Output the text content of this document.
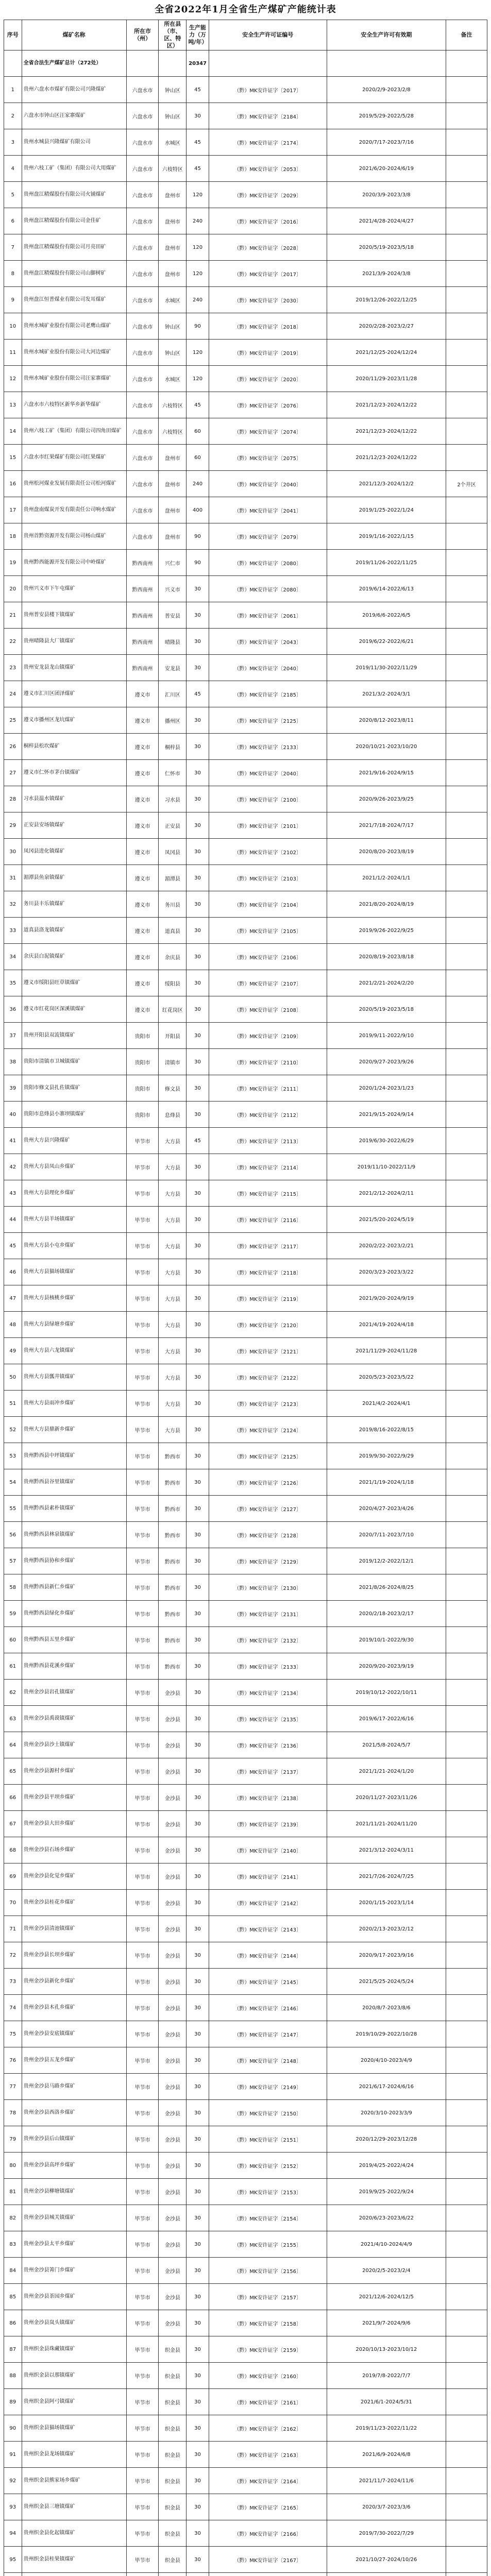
全省2022年1月全省生产煤矿产能统计表
序号	煤矿名称	所在市（州）	所在县（市、区、特区）	生产能力（万吨/年）	安全生产许可证编号	安全生产许可有效期	备注
	全省合法生产煤矿总计（272处）			20347			
1	贵州六盘水市煤矿有限公司兴隆煤矿	六盘水市	钟山区	45	（黔）MK安许证字〔2017〕	2020/2/9-2023/2/8	
2	六盘水市钟山区汪家寨煤矿	六盘水市	钟山区	30	（黔）MK安许证字〔2184〕	2019/5/29-2022/5/28	
3	贵州水城县兴隆煤矿有限公司	六盘水市	水城区	45	（黔）MK安许证字〔2174〕	2020/7/17-2023/7/16	
4	贵州六枝工矿（集团）有限公司大用煤矿	六盘水市	六枝特区	45	（黔）MK安许证字〔2053〕	2021/6/20-2024/6/19	
5	贵州盘江精煤股份有限公司火铺煤矿	六盘水市	盘州市	120	（黔）MK安许证字〔2029〕	2020/3/9-2023/3/8	
6	贵州盘江精煤股份有限公司金佳矿	六盘水市	盘州市	240	（黔）MK安许证字〔2016〕	2021/4/28-2024/4/27	
7	贵州盘江精煤股份有限公司月亮田矿	六盘水市	盘州市	120	（黔）MK安许证字〔2028〕	2020/5/19-2023/5/18	
8	贵州盘江精煤股份有限公司山脚树矿	六盘水市	盘州市	120	（黔）MK安许证字〔2017〕	2021/3/9-2024/3/8	
9	贵州盘江恒普煤业有限公司发耳煤矿	六盘水市	水城区	240	（黔）MK安许证字〔2030〕	2019/12/26-2022/12/25	
10	贵州水城矿业股份有限公司老鹰山煤矿	六盘水市	钟山区	90	（黔）MK安许证字〔2018〕	2020/2/28-2023/2/27	
11	贵州水城矿业股份有限公司大河边煤矿	六盘水市	钟山区	120	（黔）MK安许证字〔2019〕	2021/12/25-2024/12/24	
12	贵州水城矿业股份有限公司汪家寨煤矿	六盘水市	水城区	120	（黔）MK安许证字〔2020〕	2020/11/29-2023/11/28	
13	六盘水市六枝特区新华乡新华煤矿	六盘水市	六枝特区	45	（黔）MK安许证字〔2076〕	2021/12/23-2024/12/22	
14	贵州六枝工矿（集团）有限公司四角田煤矿	六盘水市	六枝特区	60	（黔）MK安许证字〔2074〕	2021/12/23-2024/12/22	
15	六盘水市红果煤矿有限公司红果煤矿	六盘水市	盘州市	60	（黔）MK安许证字〔2075〕	2021/12/23-2024/12/22	
16	贵州松河煤业发展有限责任公司松河煤矿	六盘水市	盘州市	240	（黔）MK安许证字〔2040〕	2021/12/3-2024/12/2	2个井区
17	贵州盘南煤炭开发有限责任公司响水煤矿	六盘水市	盘州市	400	（黔）MK安许证字〔2041〕	2019/1/25-2022/1/24	
18	贵州首黔资源开发有限公司杨山煤矿	六盘水市	盘州市	90	（黔）MK安许证字〔2079〕	2019/1/16-2022/1/15	
19	贵州黔西能源开发有限公司中岭煤矿	黔西南州	兴仁市	90	（黔）MK安许证字〔2080〕	2019/11/26-2022/11/25	
20	贵州兴义市下午屯煤矿	黔西南州	兴义市	30	（黔）MK安许证字〔2080〕	2019/6/14-2022/6/13	
21	贵州普安县楼下镇煤矿	黔西南州	普安县	30	（黔）MK安许证字〔2061〕	2019/6/6-2022/6/5	
22	贵州晴隆县大厂镇煤矿	黔西南州	晴隆县	30	（黔）MK安许证字〔2043〕	2019/6/22-2022/6/21	
23	贵州安龙县龙山镇煤矿	黔西南州	安龙县	30	（黔）MK安许证字〔2040〕	2019/11/30-2022/11/29	
24	遵义市汇川区团泽煤矿	遵义市	汇川区	45	（黔）MK安许证字〔2185〕	2021/3/2-2024/3/1	
25	遵义市播州区龙坑煤矿	遵义市	播州区	30	（黔）MK安许证字〔2125〕	2020/8/12-2023/8/11	
26	桐梓县松坎煤矿	遵义市	桐梓县	30	（黔）MK安许证字〔2133〕	2020/10/21-2023/10/20	
27	遵义市仁怀市茅台镇煤矿	遵义市	仁怀市	30	（黔）MK安许证字〔2040〕	2021/9/16-2024/9/15	
28	习水县温水镇煤矿	遵义市	习水县	30	（黔）MK安许证字〔2100〕	2020/9/26-2023/9/25	
29	正安县安场镇煤矿	遵义市	正安县	30	（黔）MK安许证字〔2101〕	2021/7/18-2024/7/17	
30	凤冈县进化镇煤矿	遵义市	凤冈县	30	（黔）MK安许证字〔2102〕	2020/8/20-2023/8/19	
31	湄潭县鱼泉镇煤矿	遵义市	湄潭县	30	（黔）MK安许证字〔2103〕	2021/1/2-2024/1/1	
32	务川县丰乐镇煤矿	遵义市	务川县	30	（黔）MK安许证字〔2104〕	2021/8/20-2024/8/19	
33	道真县洛龙镇煤矿	遵义市	道真县	30	（黔）MK安许证字〔2105〕	2019/9/26-2022/9/25	
34	余庆县白泥镇煤矿	遵义市	余庆县	30	（黔）MK安许证字〔2106〕	2020/8/19-2023/8/18	
35	遵义市绥阳县旺草镇煤矿	遵义市	绥阳县	30	（黔）MK安许证字〔2107〕	2021/2/21-2024/2/20	
36	遵义市红花岗区深溪镇煤矿	遵义市	红花岗区	30	（黔）MK安许证字〔2108〕	2020/5/19-2023/5/18	
37	贵州开阳县双流镇煤矿	贵阳市	开阳县	30	（黔）MK安许证字〔2109〕	2019/9/11-2022/9/10	
38	贵阳市清镇市卫城镇煤矿	贵阳市	清镇市	30	（黔）MK安许证字〔2110〕	2020/9/27-2023/9/26	
39	贵阳市修文县扎佐镇煤矿	贵阳市	修文县	30	（黔）MK安许证字〔2111〕	2020/1/24-2023/1/23	
40	贵阳市息烽县小寨坝镇煤矿	贵阳市	息烽县	30	（黔）MK安许证字〔2112〕	2021/9/15-2024/9/14	
41	贵州大方县兴隆煤矿	毕节市	大方县	45	（黔）MK安许证字〔2113〕	2019/6/30-2022/6/29	
42	贵州大方县凤山乡煤矿	毕节市	大方县	30	（黔）MK安许证字〔2114〕	2019/11/10-2022/11/9	
43	贵州大方县理化乡煤矿	毕节市	大方县	30	（黔）MK安许证字〔2115〕	2021/2/12-2024/2/11	
44	贵州大方县羊场镇煤矿	毕节市	大方县	30	（黔）MK安许证字〔2116〕	2021/5/20-2024/5/19	
45	贵州大方县小屯乡煤矿	毕节市	大方县	30	（黔）MK安许证字〔2117〕	2020/2/22-2023/2/21	
46	贵州大方县猫场镇煤矿	毕节市	大方县	30	（黔）MK安许证字〔2118〕	2020/3/23-2023/3/22	
47	贵州大方县核桃乡煤矿	毕节市	大方县	30	（黔）MK安许证字〔2119〕	2021/9/20-2024/9/19	
48	贵州大方县绿塘乡煤矿	毕节市	大方县	30	（黔）MK安许证字〔2120〕	2021/4/19-2024/4/18	
49	贵州大方县六龙镇煤矿	毕节市	大方县	30	（黔）MK安许证字〔2121〕	2021/11/29-2024/11/28	
50	贵州大方县瓢井镇煤矿	毕节市	大方县	30	（黔）MK安许证字〔2122〕	2020/5/23-2023/5/22	
51	贵州大方县雨冲乡煤矿	毕节市	大方县	30	（黔）MK安许证字〔2123〕	2021/4/2-2024/4/1	
52	贵州大方县鼎新乡煤矿	毕节市	大方县	30	（黔）MK安许证字〔2124〕	2019/8/16-2022/8/15	
53	贵州黔西县中坪镇煤矿	毕节市	黔西市	30	（黔）MK安许证字〔2125〕	2019/9/30-2022/9/29	
54	贵州黔西县谷里镇煤矿	毕节市	黔西市	30	（黔）MK安许证字〔2126〕	2021/1/19-2024/1/18	
55	贵州黔西县素朴镇煤矿	毕节市	黔西市	30	（黔）MK安许证字〔2127〕	2020/4/27-2023/4/26	
56	贵州黔西县林泉镇煤矿	毕节市	黔西市	30	（黔）MK安许证字〔2128〕	2020/7/11-2023/7/10	
57	贵州黔西县协和乡煤矿	毕节市	黔西市	30	（黔）MK安许证字〔2129〕	2019/12/2-2022/12/1	
58	贵州黔西县新仁乡煤矿	毕节市	黔西市	30	（黔）MK安许证字〔2130〕	2021/8/26-2024/8/25	
59	贵州黔西县绿化乡煤矿	毕节市	黔西市	30	（黔）MK安许证字〔2131〕	2020/2/18-2023/2/17	
60	贵州黔西县五里乡煤矿	毕节市	黔西市	30	（黔）MK安许证字〔2132〕	2019/10/1-2022/9/30	
61	贵州黔西县花溪乡煤矿	毕节市	黔西市	30	（黔）MK安许证字〔2133〕	2020/9/20-2023/9/19	
62	贵州金沙县岩孔镇煤矿	毕节市	金沙县	30	（黔）MK安许证字〔2134〕	2019/10/12-2022/10/11	
63	贵州金沙县禹谟镇煤矿	毕节市	金沙县	30	（黔）MK安许证字〔2135〕	2019/6/17-2022/6/16	
64	贵州金沙县沙土镇煤矿	毕节市	金沙县	30	（黔）MK安许证字〔2136〕	2021/5/8-2024/5/7	
65	贵州金沙县源村乡煤矿	毕节市	金沙县	30	（黔）MK安许证字〔2137〕	2021/1/21-2024/1/20	
66	贵州金沙县平坝乡煤矿	毕节市	金沙县	30	（黔）MK安许证字〔2138〕	2020/11/27-2023/11/26	
67	贵州金沙县大田乡煤矿	毕节市	金沙县	30	（黔）MK安许证字〔2139〕	2021/11/21-2024/11/20	
68	贵州金沙县石场乡煤矿	毕节市	金沙县	30	（黔）MK安许证字〔2140〕	2021/3/12-2024/3/11	
69	贵州金沙县化觉乡煤矿	毕节市	金沙县	30	（黔）MK安许证字〔2141〕	2021/7/26-2024/7/25	
70	贵州金沙县桂花乡煤矿	毕节市	金沙县	30	（黔）MK安许证字〔2142〕	2020/1/15-2023/1/14	
71	贵州金沙县清池镇煤矿	毕节市	金沙县	30	（黔）MK安许证字〔2143〕	2020/2/13-2023/2/12	
72	贵州金沙县长坝乡煤矿	毕节市	金沙县	30	（黔）MK安许证字〔2144〕	2020/9/17-2023/9/16	
73	贵州金沙县新化乡煤矿	毕节市	金沙县	30	（黔）MK安许证字〔2145〕	2021/5/25-2024/5/24	
74	贵州金沙县木孔乡煤矿	毕节市	金沙县	30	（黔）MK安许证字〔2146〕	2020/8/7-2023/8/6	
75	贵州金沙县安底镇煤矿	毕节市	金沙县	30	（黔）MK安许证字〔2147〕	2019/10/29-2022/10/28	
76	贵州金沙县五龙乡煤矿	毕节市	金沙县	30	（黔）MK安许证字〔2148〕	2020/4/10-2023/4/9	
77	贵州金沙县马路乡煤矿	毕节市	金沙县	30	（黔）MK安许证字〔2149〕	2021/6/17-2024/6/16	
78	贵州金沙县西洛乡煤矿	毕节市	金沙县	30	（黔）MK安许证字〔2150〕	2020/3/10-2023/3/9	
79	贵州金沙县后山镇煤矿	毕节市	金沙县	30	（黔）MK安许证字〔2151〕	2020/12/29-2023/12/28	
80	贵州金沙县高坪乡煤矿	毕节市	金沙县	30	（黔）MK安许证字〔2152〕	2019/4/25-2022/4/24	
81	贵州金沙县柳塘镇煤矿	毕节市	金沙县	30	（黔）MK安许证字〔2153〕	2019/9/25-2022/9/24	
82	贵州金沙县城关镇煤矿	毕节市	金沙县	30	（黔）MK安许证字〔2154〕	2020/6/23-2023/6/22	
83	贵州金沙县太平乡煤矿	毕节市	金沙县	30	（黔）MK安许证字〔2155〕	2021/4/10-2024/4/9	
84	贵州金沙县箐门乡煤矿	毕节市	金沙县	30	（黔）MK安许证字〔2156〕	2020/2/5-2023/2/4	
85	贵州金沙县茶园乡煤矿	毕节市	金沙县	30	（黔）MK安许证字〔2157〕	2021/12/6-2024/12/5	
86	贵州金沙县岚头镇煤矿	毕节市	金沙县	30	（黔）MK安许证字〔2158〕	2021/9/7-2024/9/6	
87	贵州织金县珠藏镇煤矿	毕节市	织金县	30	（黔）MK安许证字〔2159〕	2020/10/13-2023/10/12	
88	贵州织金县以那镇煤矿	毕节市	织金县	30	（黔）MK安许证字〔2160〕	2019/7/8-2022/7/7	
89	贵州织金县阿弓镇煤矿	毕节市	织金县	30	（黔）MK安许证字〔2161〕	2021/6/1-2024/5/31	
90	贵州织金县猫场镇煤矿	毕节市	织金县	30	（黔）MK安许证字〔2162〕	2019/11/23-2022/11/22	
91	贵州织金县龙场镇煤矿	毕节市	织金县	30	（黔）MK安许证字〔2163〕	2021/6/9-2024/6/8	
92	贵州织金县熊家场乡煤矿	毕节市	织金县	30	（黔）MK安许证字〔2164〕	2021/11/7-2024/11/6	
93	贵州织金县三塘镇煤矿	毕节市	织金县	30	（黔）MK安许证字〔2165〕	2020/3/7-2023/3/6	
94	贵州织金县化起镇煤矿	毕节市	织金县	30	（黔）MK安许证字〔2166〕	2019/7/30-2022/7/29	
95	贵州织金县桂果镇煤矿	毕节市	织金县	30	（黔）MK安许证字〔2167〕	2021/10/27-2024/10/26	
